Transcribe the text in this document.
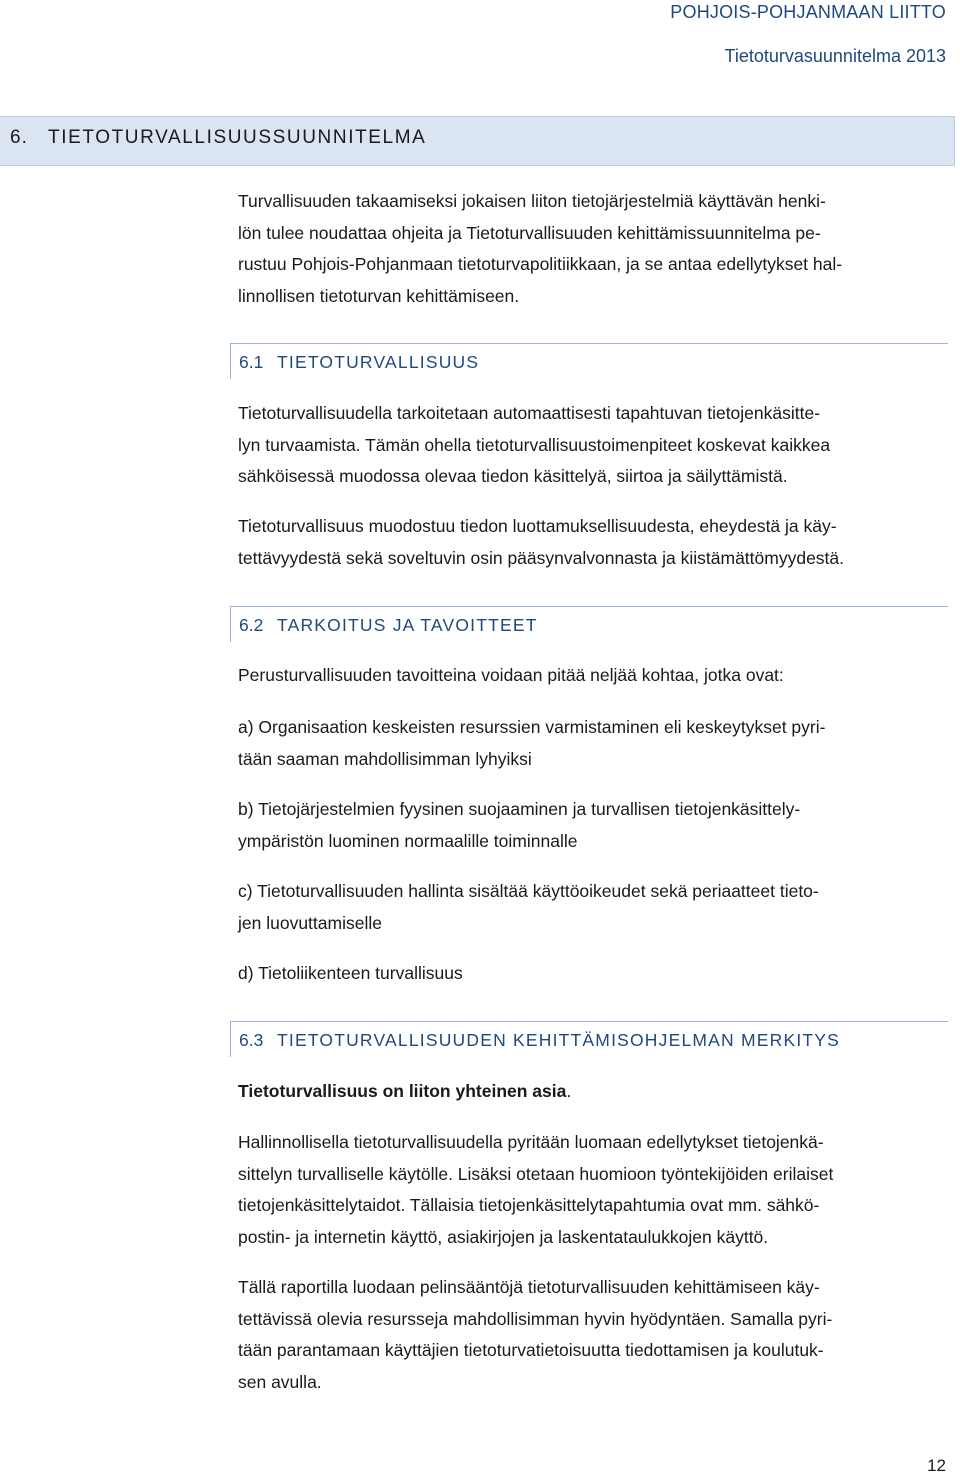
POHJOIS-POHJANMAAN LIITTO
Tietoturvasuunnitelma 2013
6. TIETOTURVALLISUUSSUUNNITELMA
Turvallisuuden takaamiseksi jokaisen liiton tietojärjestelmiä käyttävän henki-
lön tulee noudattaa ohjeita ja Tietoturvallisuuden kehittämissuunnitelma pe-
rustuu Pohjois-Pohjanmaan tietoturvapolitiikkaan, ja se antaa edellytykset hal-
linnollisen tietoturvan kehittämiseen.
6.1 TIETOTURVALLISUUS
Tietoturvallisuudella tarkoitetaan automaattisesti tapahtuvan tietojenkäsitte-
lyn turvaamista. Tämän ohella tietoturvallisuustoimenpiteet koskevat kaikkea
sähköisessä muodossa olevaa tiedon käsittelyä, siirtoa ja säilyttämistä.
Tietoturvallisuus muodostuu tiedon luottamuksellisuudesta, eheydestä ja käy-
tettävyydestä sekä soveltuvin osin pääsynvalvonnasta ja kiistämättömyydestä.
6.2 TARKOITUS JA TAVOITTEET
Perusturvallisuuden tavoitteina voidaan pitää neljää kohtaa, jotka ovat:
a) Organisaation keskeisten resurssien varmistaminen eli keskeytykset pyri-
tään saaman mahdollisimman lyhyiksi
b) Tietojärjestelmien fyysinen suojaaminen ja turvallisen tietojenkäsittely-
ympäristön luominen normaalille toiminnalle
c) Tietoturvallisuuden hallinta sisältää käyttöoikeudet sekä periaatteet tieto-
jen luovuttamiselle
d) Tietoliikenteen turvallisuus
6.3 TIETOTURVALLISUUDEN KEHITTÄMISOHJELMAN MERKITYS
Tietoturvallisuus on liiton yhteinen asia.
Hallinnollisella tietoturvallisuudella pyritään luomaan edellytykset tietojenkä-
sittelyn turvalliselle käytölle. Lisäksi otetaan huomioon työntekijöiden erilaiset
tietojenkäsittelytaidot. Tällaisia tietojenkäsittelytapahtumia ovat mm. sähkö-
postin- ja internetin käyttö, asiakirjojen ja laskentataulukkojen käyttö.
Tällä raportilla luodaan pelinsääntöjä tietoturvallisuuden kehittämiseen käy-
tettävissä olevia resursseja mahdollisimman hyvin hyödyntäen. Samalla pyri-
tään parantamaan käyttäjien tietoturvatietoisuutta tiedottamisen ja koulutuk-
sen avulla.
12
